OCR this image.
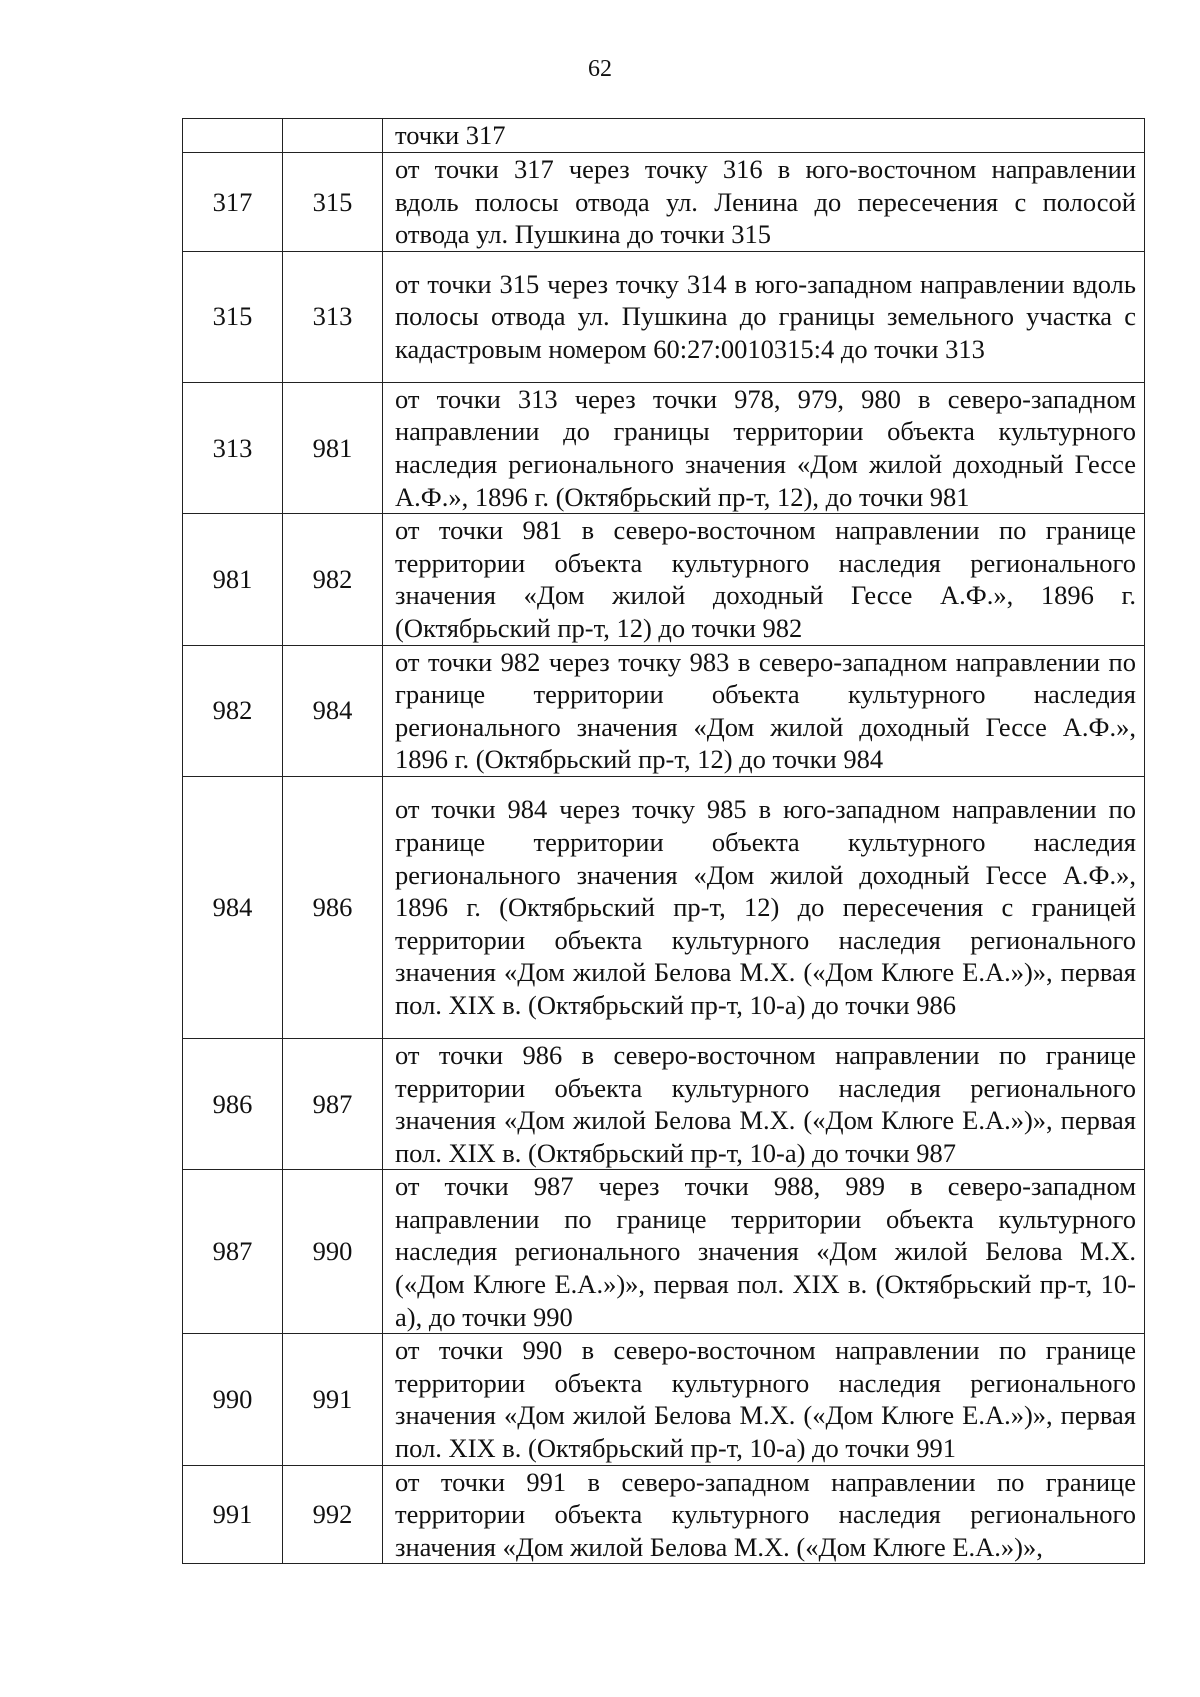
62
		точки 317
317	315	от точки 317 через точку 316 в юго-восточном направлении вдоль полосы отвода ул. Ленина до пересечения с полосой отвода ул. Пушкина до точки 315
315	313	от точки 315 через точку 314 в юго-западном направлении вдоль полосы отвода ул. Пушкина до границы земельного участка с кадастровым номером 60:27:0010315:4 до точки 313
313	981	от точки 313 через точки 978, 979, 980 в северо-западном направлении до границы территории объекта культурного наследия регионального значения «Дом жилой доходный Гессе А.Ф.», 1896 г. (Октябрьский пр-т, 12), до точки 981
981	982	от точки 981 в северо-восточном направлении по границе территории объекта культурного наследия регионального значения «Дом жилой доходный Гессе А.Ф.», 1896 г. (Октябрьский пр-т, 12) до точки 982
982	984	от точки 982 через точку 983 в северо-западном направлении по границе территории объекта культурного наследия регионального значения «Дом жилой доходный Гессе А.Ф.», 1896 г. (Октябрьский пр-т, 12) до точки 984
984	986	от точки 984 через точку 985 в юго-западном направлении по границе территории объекта культурного наследия регионального значения «Дом жилой доходный Гессе А.Ф.», 1896 г. (Октябрьский пр-т, 12) до пересечения с границей территории объекта культурного наследия регионального значения «Дом жилой Белова М.Х. («Дом Клюге Е.А.»)», первая пол. XIX в. (Октябрьский пр-т, 10-а) до точки 986
986	987	от точки 986 в северо-восточном направлении по границе территории объекта культурного наследия регионального значения «Дом жилой Белова М.Х. («Дом Клюге Е.А.»)», первая пол. XIX в. (Октябрьский пр-т, 10-а) до точки 987
987	990	от точки 987 через точки 988, 989 в северо-западном направлении по границе территории объекта культурного наследия регионального значения «Дом жилой Белова М.Х. («Дом Клюге Е.А.»)», первая пол. XIX в. (Октябрьский пр-т, 10-а), до точки 990
990	991	от точки 990 в северо-восточном направлении по границе территории объекта культурного наследия регионального значения «Дом жилой Белова М.Х. («Дом Клюге Е.А.»)», первая пол. XIX в. (Октябрьский пр-т, 10-а) до точки 991
991	992	от точки 991 в северо-западном направлении по границе территории объекта культурного наследия регионального значения «Дом жилой Белова М.Х. («Дом Клюге Е.А.»)»,
